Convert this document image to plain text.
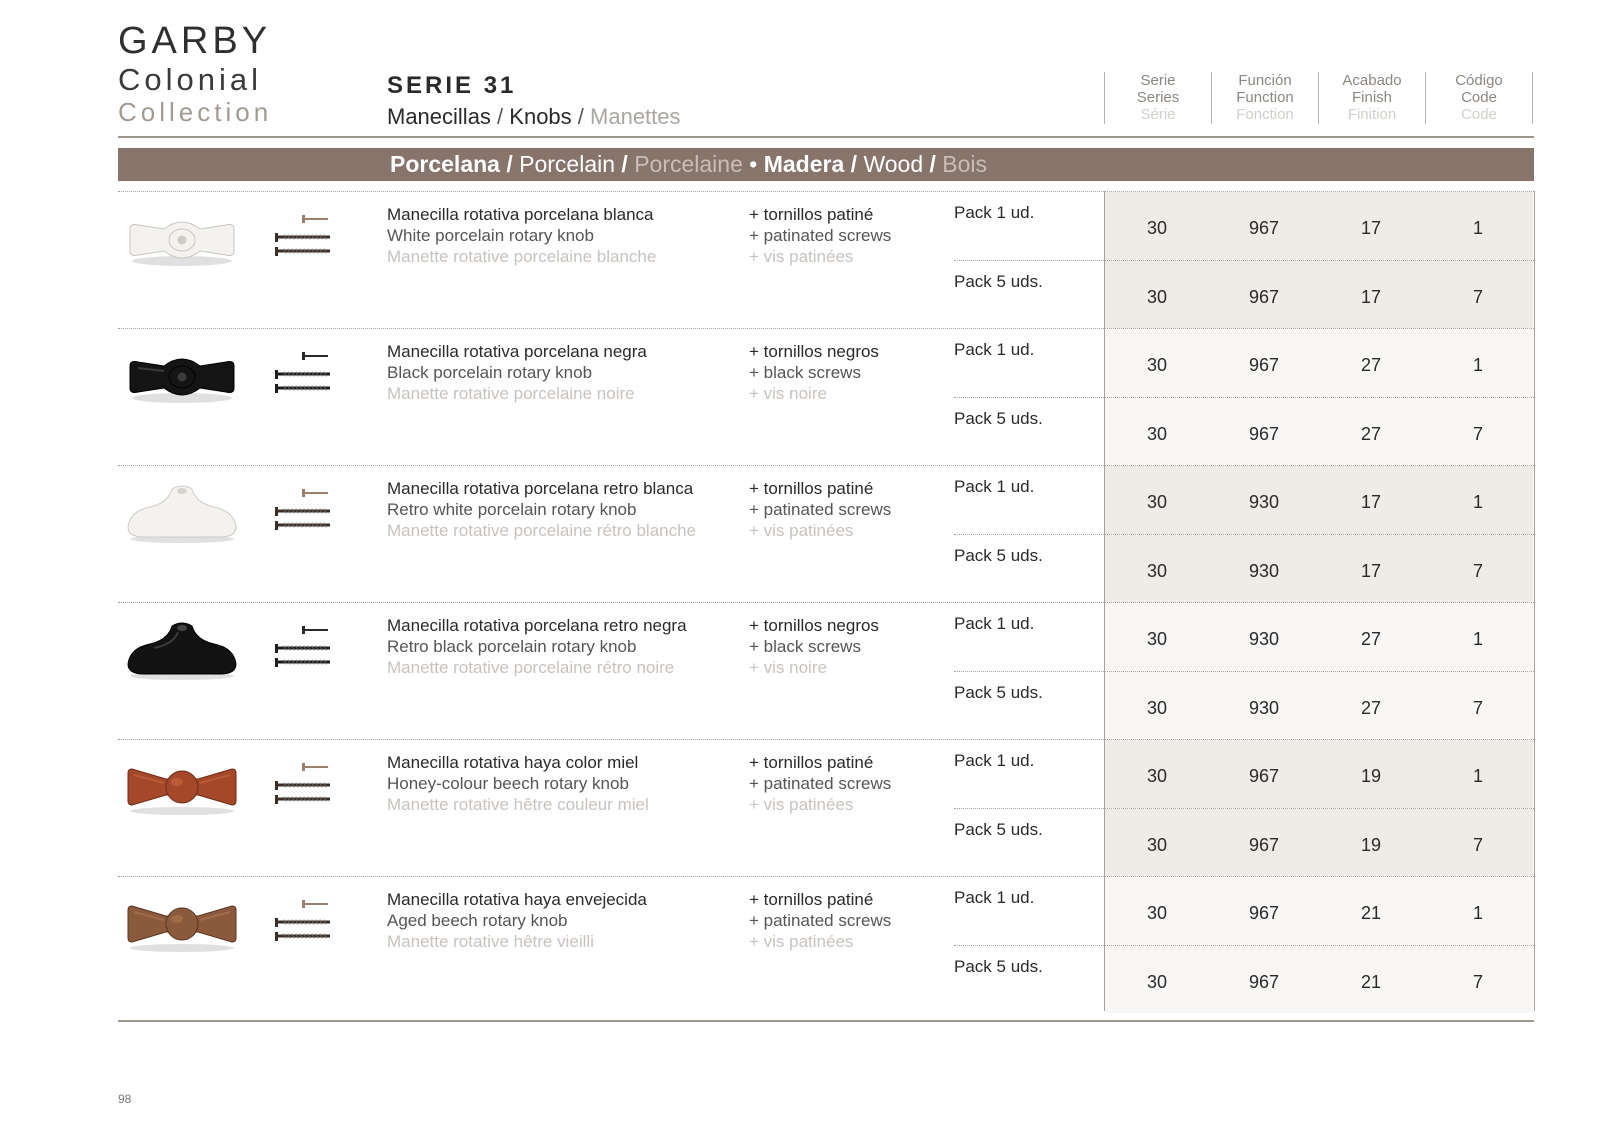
GARBY
Colonial
Collection
SERIE 31
Manecillas / Knobs / Manettes
Serie
Series
Série
Función
Function
Fonction
Acabado
Finish
Finition
Código
Code
Code
Porcelana / Porcelain / Porcelaine • Madera / Wood / Bois
Manecilla rotativa porcelana blanca
White porcelain rotary knob
Manette rotative porcelaine blanche
+ tornillos patiné
+ patinated screws
+ vis patinées
Pack 1 ud.
30	967	17	1
Pack 5 uds.
30	967	17	7
Manecilla rotativa porcelana negra
Black porcelain rotary knob
Manette rotative porcelaine noire
+ tornillos negros
+ black screws
+ vis noire
Pack 1 ud.
30	967	27	1
Pack 5 uds.
30	967	27	7
Manecilla rotativa porcelana retro blanca
Retro white porcelain rotary knob
Manette rotative porcelaine rétro blanche
+ tornillos patiné
+ patinated screws
+ vis patinées
Pack 1 ud.
30	930	17	1
Pack 5 uds.
30	930	17	7
Manecilla rotativa porcelana retro negra
Retro black porcelain rotary knob
Manette rotative porcelaine rétro noire
+ tornillos negros
+ black screws
+ vis noire
Pack 1 ud.
30	930	27	1
Pack 5 uds.
30	930	27	7
Manecilla rotativa haya color miel
Honey-colour beech rotary knob
Manette rotative hêtre couleur miel
+ tornillos patiné
+ patinated screws
+ vis patinées
Pack 1 ud.
30	967	19	1
Pack 5 uds.
30	967	19	7
Manecilla rotativa haya envejecida
Aged beech rotary knob
Manette rotative hêtre vieilli
+ tornillos patiné
+ patinated screws
+ vis patinées
Pack 1 ud.
30	967	21	1
Pack 5 uds.
30	967	21	7
98
